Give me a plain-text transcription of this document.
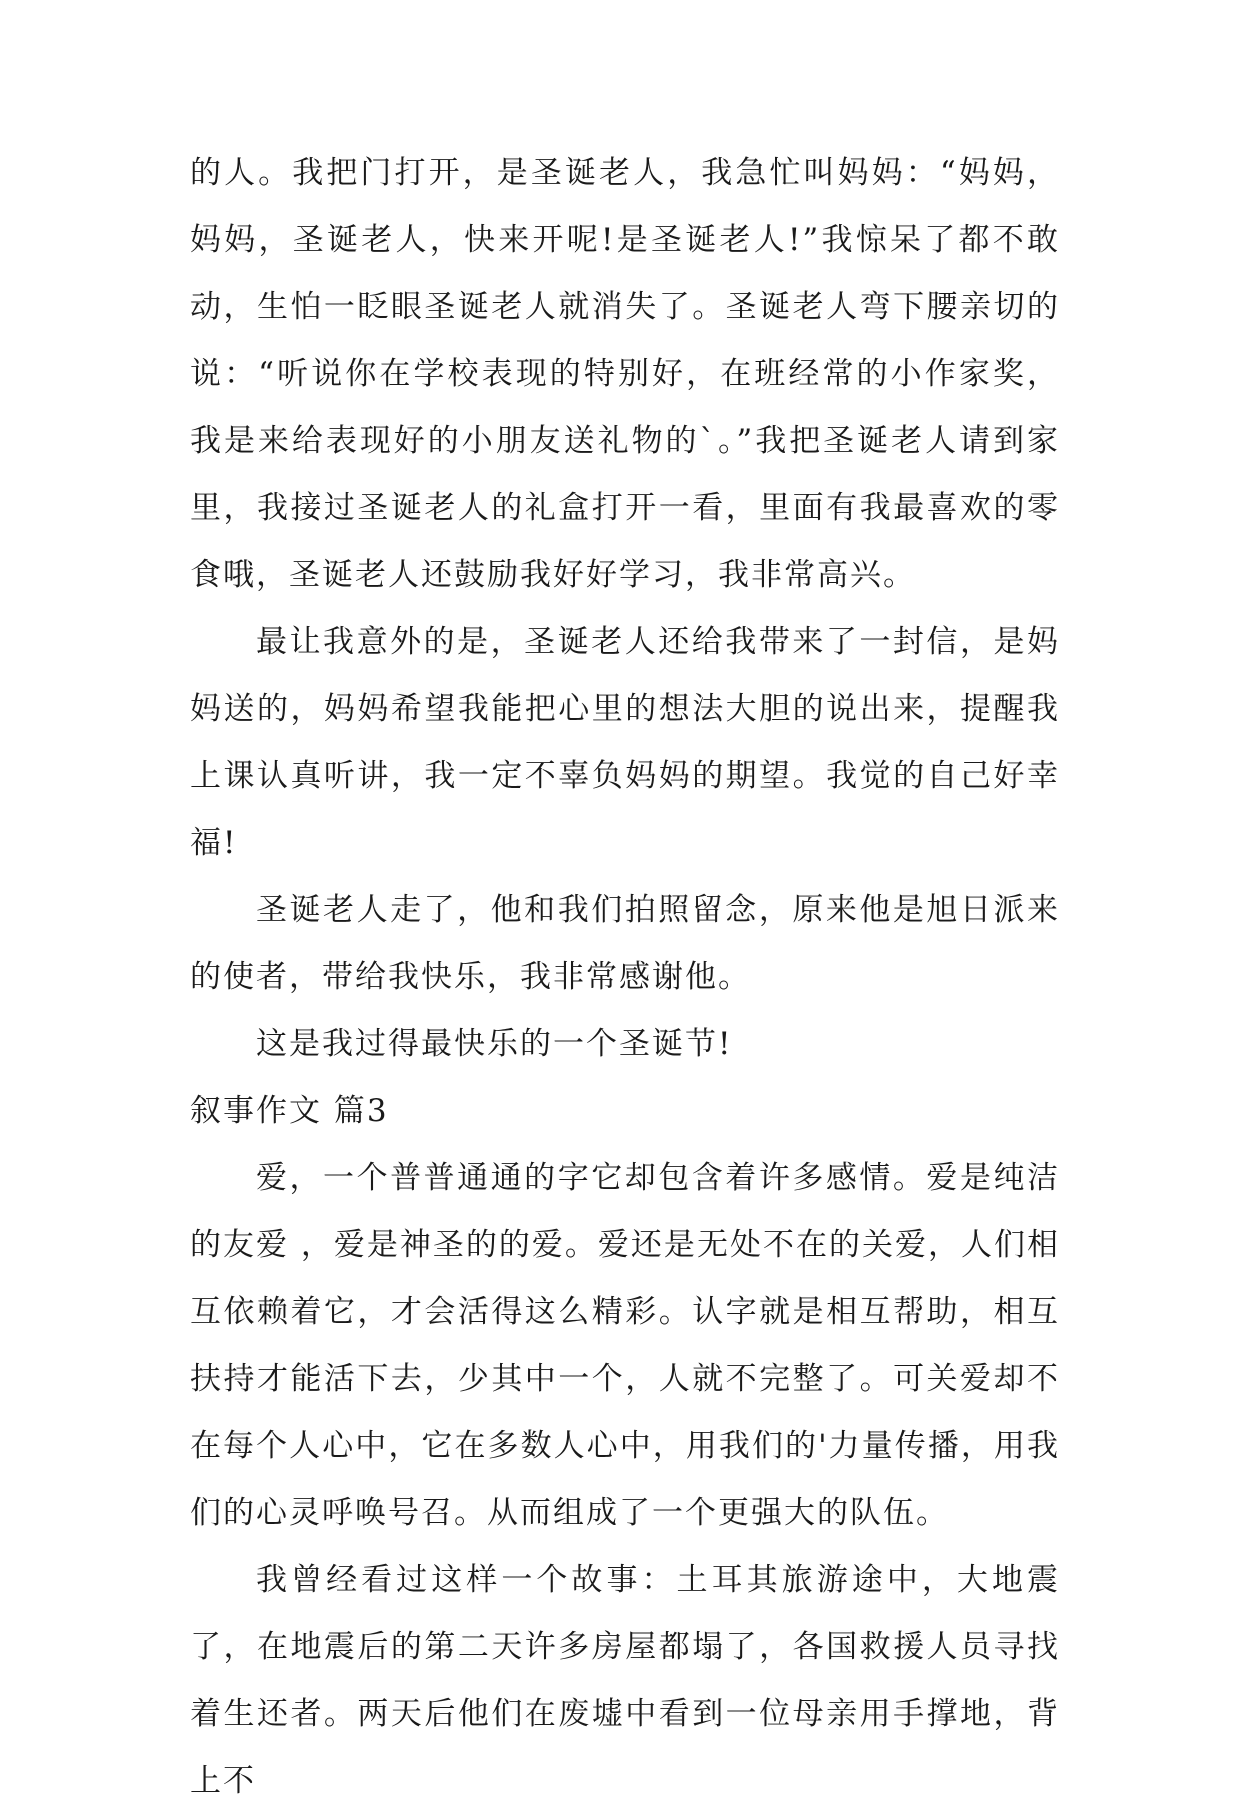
的人。我把门打开，是圣诞老人，我急忙叫妈妈：“妈妈，妈妈，圣诞老人，快来开呢!是圣诞老人!”我惊呆了都不敢动，生怕一眨眼圣诞老人就消失了。圣诞老人弯下腰亲切的说：“听说你在学校表现的特别好，在班经常的小作家奖，我是来给表现好的小朋友送礼物的`。”我把圣诞老人请到家里，我接过圣诞老人的礼盒打开一看，里面有我最喜欢的零食哦，圣诞老人还鼓励我好好学习，我非常高兴。

最让我意外的是，圣诞老人还给我带来了一封信，是妈妈送的，妈妈希望我能把心里的想法大胆的说出来，提醒我上课认真听讲，我一定不辜负妈妈的期望。我觉的自己好幸福!

圣诞老人走了，他和我们拍照留念，原来他是旭日派来的使者，带给我快乐，我非常感谢他。

这是我过得最快乐的一个圣诞节!

叙事作文 篇3

爱，一个普普通通的字它却包含着许多感情。爱是纯洁的友爱 ，爱是神圣的的爱。爱还是无处不在的关爱，人们相互依赖着它，才会活得这么精彩。认字就是相互帮助，相互扶持才能活下去，少其中一个，人就不完整了。可关爱却不在每个人心中，它在多数人心中，用我们的'力量传播，用我们的心灵呼唤号召。从而组成了一个更强大的队伍。

我曾经看过这样一个故事：土耳其旅游途中，大地震了，在地震后的第二天许多房屋都塌了，各国救援人员寻找着生还者。两天后他们在废墟中看到一位母亲用手撑地，背上不
